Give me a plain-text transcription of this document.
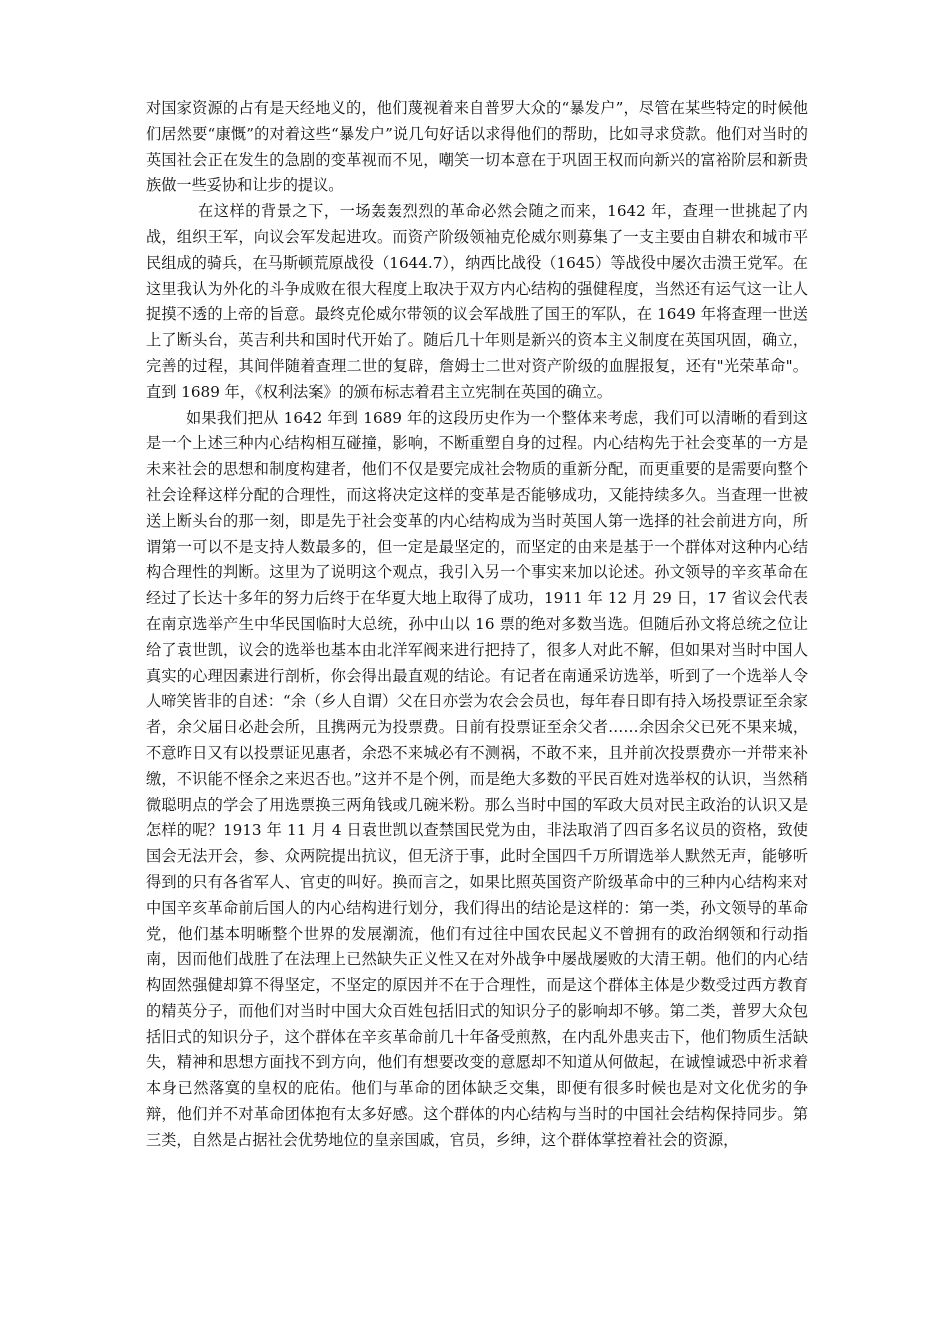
对国家资源的占有是天经地义的，他们蔑视着来自普罗大众的“暴发户”，尽管在某些特定的时候他们居然要“康慨”的对着这些“暴发户”说几句好话以求得他们的帮助，比如寻求贷款。他们对当时的英国社会正在发生的急剧的变革视而不见，嘲笑一切本意在于巩固王权而向新兴的富裕阶层和新贵族做一些妥协和让步的提议。

在这样的背景之下，一场轰轰烈烈的革命必然会随之而来，1642 年，查理一世挑起了内战，组织王军，向议会军发起进攻。而资产阶级领袖克伦威尔则募集了一支主要由自耕农和城市平民组成的骑兵，在马斯顿荒原战役（1644.7），纳西比战役（1645）等战役中屡次击溃王党军。在这里我认为外化的斗争成败在很大程度上取决于双方内心结构的强健程度，当然还有运气这一让人捉摸不透的上帝的旨意。最终克伦威尔带领的议会军战胜了国王的军队，在 1649 年将查理一世送上了断头台，英吉利共和国时代开始了。随后几十年则是新兴的资本主义制度在英国巩固，确立，完善的过程，其间伴随着查理二世的复辟，詹姆士二世对资产阶级的血腥报复，还有"光荣革命"。直到 1689 年，《权利法案》的颁布标志着君主立宪制在英国的确立。

如果我们把从 1642 年到 1689 年的这段历史作为一个整体来考虑，我们可以清晰的看到这是一个上述三种内心结构相互碰撞，影响，不断重塑自身的过程。内心结构先于社会变革的一方是未来社会的思想和制度构建者，他们不仅是要完成社会物质的重新分配，而更重要的是需要向整个社会诠释这样分配的合理性，而这将决定这样的变革是否能够成功，又能持续多久。当查理一世被送上断头台的那一刻，即是先于社会变革的内心结构成为当时英国人第一选择的社会前进方向，所谓第一可以不是支持人数最多的，但一定是最坚定的，而坚定的由来是基于一个群体对这种内心结构合理性的判断。这里为了说明这个观点，我引入另一个事实来加以论述。孙文领导的辛亥革命在经过了长达十多年的努力后终于在华夏大地上取得了成功，1911 年 12 月 29 日，17 省议会代表在南京选举产生中华民国临时大总统，孙中山以 16 票的绝对多数当选。但随后孙文将总统之位让给了袁世凯，议会的选举也基本由北洋军阀来进行把持了，很多人对此不解，但如果对当时中国人真实的心理因素进行剖析，你会得出最直观的结论。有记者在南通采访选举，听到了一个选举人令人啼笑皆非的自述：“余（乡人自谓）父在日亦尝为农会会员也，每年春日即有持入场投票证至余家者，余父届日必赴会所，且携两元为投票费。日前有投票证至余父者……余因余父已死不果来城，不意昨日又有以投票证见惠者，余恐不来城必有不测祸，不敢不来，且并前次投票费亦一并带来补缴，不识能不怪余之来迟否也。”这并不是个例，而是绝大多数的平民百姓对选举权的认识，当然稍微聪明点的学会了用选票换三两角钱或几碗米粉。那么当时中国的军政大员对民主政治的认识又是怎样的呢？1913 年 11 月 4 日袁世凯以查禁国民党为由，非法取消了四百多名议员的资格，致使国会无法开会，参、众两院提出抗议，但无济于事，此时全国四千万所谓选举人默然无声，能够听得到的只有各省军人、官吏的叫好。换而言之，如果比照英国资产阶级革命中的三种内心结构来对中国辛亥革命前后国人的内心结构进行划分，我们得出的结论是这样的：第一类，孙文领导的革命党，他们基本明晰整个世界的发展潮流，他们有过往中国农民起义不曾拥有的政治纲领和行动指南，因而他们战胜了在法理上已然缺失正义性又在对外战争中屡战屡败的大清王朝。他们的内心结构固然强健却算不得坚定，不坚定的原因并不在于合理性，而是这个群体主体是少数受过西方教育的精英分子，而他们对当时中国大众百姓包括旧式的知识分子的影响却不够。第二类，普罗大众包括旧式的知识分子，这个群体在辛亥革命前几十年备受煎熬，在内乱外患夹击下，他们物质生活缺失，精神和思想方面找不到方向，他们有想要改变的意愿却不知道从何做起，在诚惶诚恐中祈求着本身已然落寞的皇权的庇佑。他们与革命的团体缺乏交集，即便有很多时候也是对文化优劣的争辩，他们并不对革命团体抱有太多好感。这个群体的内心结构与当时的中国社会结构保持同步。第三类，自然是占据社会优势地位的皇亲国戚，官员，乡绅，这个群体掌控着社会的资源，
